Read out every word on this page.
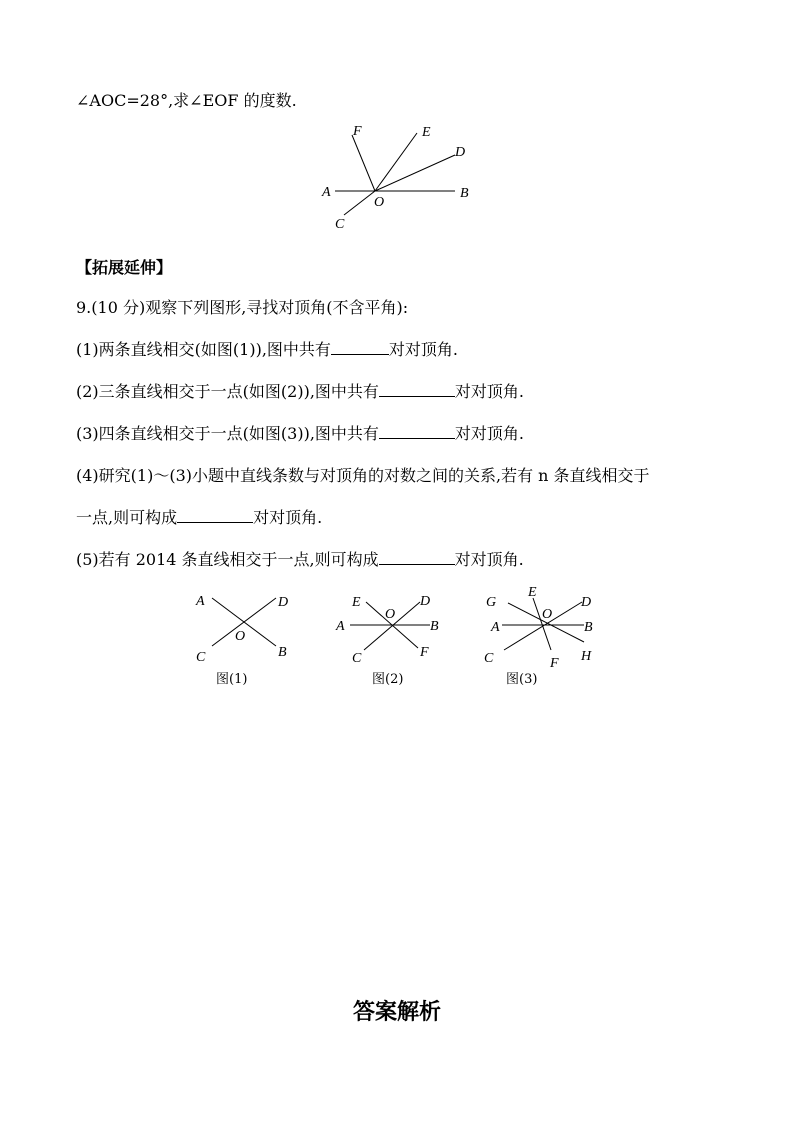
∠AOC=28°,求∠EOF 的度数.
F	E
D
A
O
B
C
【拓展延伸】
9.(10 分)观察下列图形,寻找对顶角(不含平角):
(1)两条直线相交(如图(1)),图中共有	对对顶角.
(2)三条直线相交于一点(如图(2)),图中共有	对对顶角.
(3)四条直线相交于一点(如图(3)),图中共有	对对顶角.
(4)研究(1)～(3)小题中直线条数与对顶角的对数之间的关系,若有 n 条直线相交于
一点,则可构成	对对顶角.
(5)若有 2014 条直线相交于一点,则可构成	对对顶角.
A	D
O
C	B
图(1)
E
O
D
A	B
C	F
图(2)
G
E
O
D
A	B
C	F H
图(3)
答案解析
